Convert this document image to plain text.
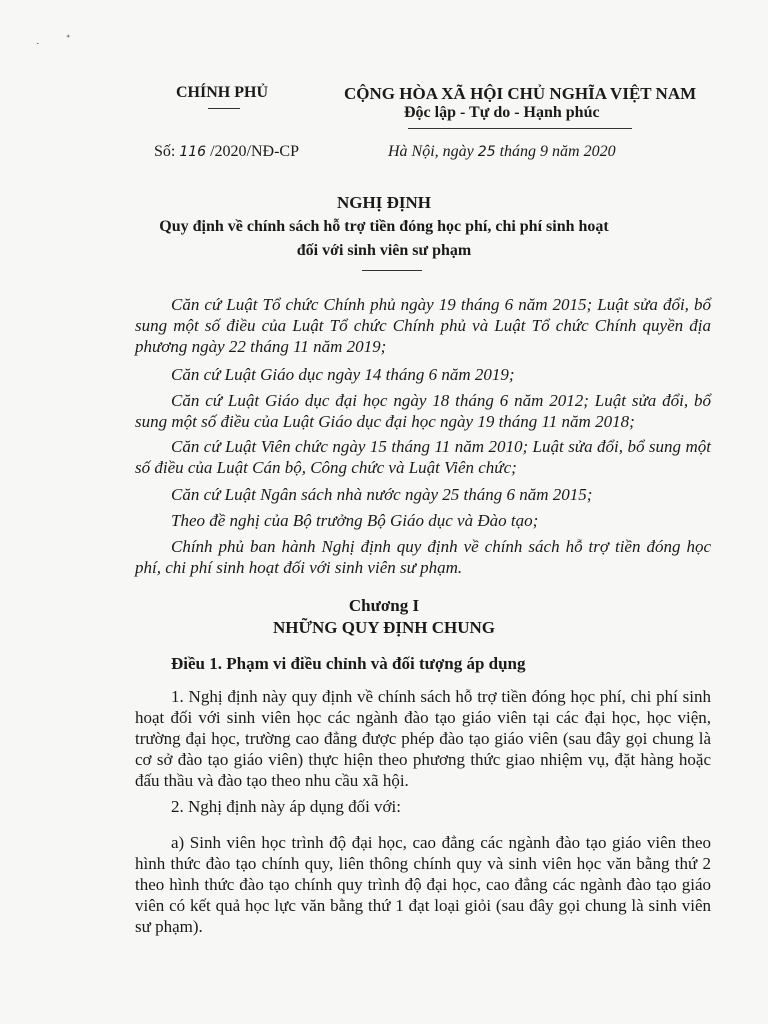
· ᐩ
CHÍNH PHỦ	CỘNG HÒA XÃ HỘI CHỦ NGHĨA VIỆT NAM
Độc lập - Tự do - Hạnh phúc
Số: 116 /2020/NĐ-CP	Hà Nội, ngày 25 tháng 9 năm 2020
NGHỊ ĐỊNH
Quy định về chính sách hỗ trợ tiền đóng học phí, chi phí sinh hoạt
đối với sinh viên sư phạm
Căn cứ Luật Tổ chức Chính phủ ngày 19 tháng 6 năm 2015; Luật sửa đổi, bổ sung một số điều của Luật Tổ chức Chính phủ và Luật Tổ chức Chính quyền địa phương ngày 22 tháng 11 năm 2019;
Căn cứ Luật Giáo dục ngày 14 tháng 6 năm 2019;
Căn cứ Luật Giáo dục đại học ngày 18 tháng 6 năm 2012; Luật sửa đổi, bổ sung một số điều của Luật Giáo dục đại học ngày 19 tháng 11 năm 2018;
Căn cứ Luật Viên chức ngày 15 tháng 11 năm 2010; Luật sửa đổi, bổ sung một số điều của Luật Cán bộ, Công chức và Luật Viên chức;
Căn cứ Luật Ngân sách nhà nước ngày 25 tháng 6 năm 2015;
Theo đề nghị của Bộ trưởng Bộ Giáo dục và Đào tạo;
Chính phủ ban hành Nghị định quy định về chính sách hỗ trợ tiền đóng học phí, chi phí sinh hoạt đối với sinh viên sư phạm.
Chương I
NHỮNG QUY ĐỊNH CHUNG
Điều 1. Phạm vi điều chỉnh và đối tượng áp dụng
1. Nghị định này quy định về chính sách hỗ trợ tiền đóng học phí, chi phí sinh hoạt đối với sinh viên học các ngành đào tạo giáo viên tại các đại học, học viện, trường đại học, trường cao đẳng được phép đào tạo giáo viên (sau đây gọi chung là cơ sở đào tạo giáo viên) thực hiện theo phương thức giao nhiệm vụ, đặt hàng hoặc đấu thầu và đào tạo theo nhu cầu xã hội.
2. Nghị định này áp dụng đối với:
a) Sinh viên học trình độ đại học, cao đẳng các ngành đào tạo giáo viên theo hình thức đào tạo chính quy, liên thông chính quy và sinh viên học văn bằng thứ 2 theo hình thức đào tạo chính quy trình độ đại học, cao đẳng các ngành đào tạo giáo viên có kết quả học lực văn bằng thứ 1 đạt loại giỏi (sau đây gọi chung là sinh viên sư phạm).
